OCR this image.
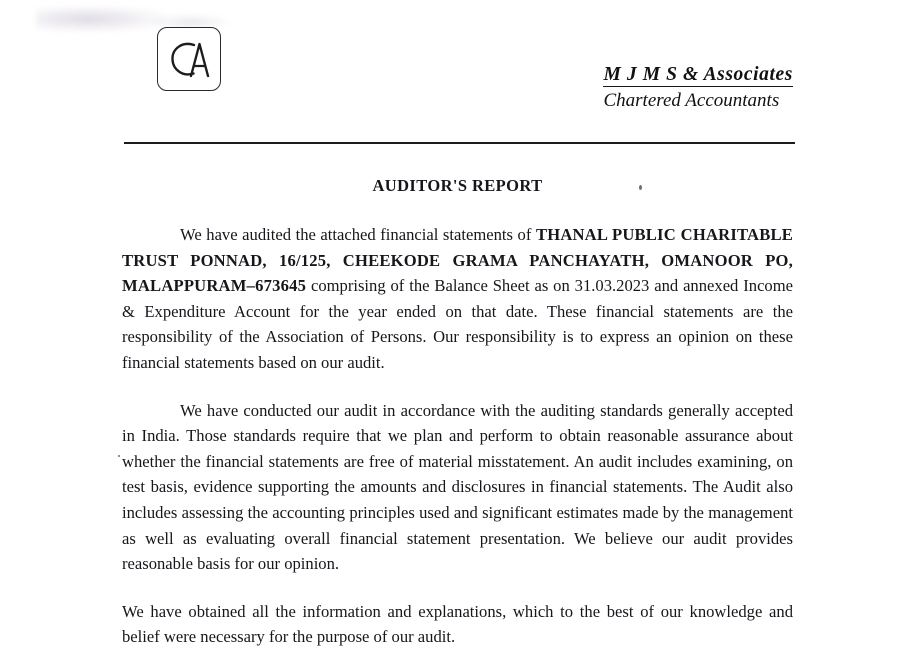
M J M S & Associates
Chartered Accountants
AUDITOR'S REPORT

We have audited the attached financial statements of THANAL PUBLIC CHARITABLE TRUST PONNAD, 16/125, CHEEKODE GRAMA PANCHAYATH, OMANOOR PO, MALAPPURAM–673645 comprising of the Balance Sheet as on 31.03.2023 and annexed Income & Expenditure Account for the year ended on that date. These financial statements are the responsibility of the Association of Persons. Our responsibility is to express an opinion on these financial statements based on our audit.

We have conducted our audit in accordance with the auditing standards generally accepted in India. Those standards require that we plan and perform to obtain reasonable assurance about whether the financial statements are free of material misstatement. An audit includes examining, on test basis, evidence supporting the amounts and disclosures in financial statements. The Audit also includes assessing the accounting principles used and significant estimates made by the management as well as evaluating overall financial statement presentation. We believe our audit provides reasonable basis for our opinion.

We have obtained all the information and explanations, which to the best of our knowledge and belief were necessary for the purpose of our audit.
